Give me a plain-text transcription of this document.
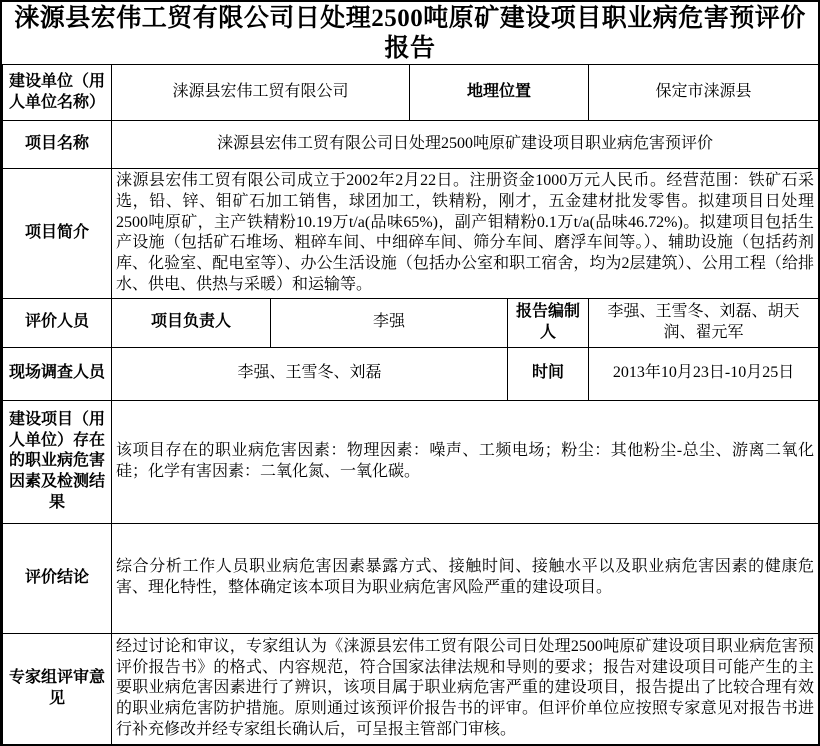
涞源县宏伟工贸有限公司日处理2500吨原矿建设项目职业病危害预评价报告
建设单位（用人单位名称）	涞源县宏伟工贸有限公司		地理位置		保定市涞源县
项目名称	涞源县宏伟工贸有限公司日处理2500吨原矿建设项目职业病危害预评价				
项目简介	涞源县宏伟工贸有限公司成立于2002年2月22日。注册资金1000万元人民币。经营范围：铁矿石采选，铅、锌、钼矿石加工销售，球团加工，铁精粉，刚才，五金建材批发零售。拟建项目日处理2500吨原矿，主产铁精粉10.19万t/a(品味65%)，副产钼精粉0.1万t/a(品味46.72%)。拟建项目包括生产设施（包括矿石堆场、粗碎车间、中细碎车间、筛分车间、磨浮车间等。）、辅助设施（包括药剂库、化验室、配电室等）、办公生活设施（包括办公室和职工宿舍，均为2层建筑）、公用工程（给排水、供电、供热与采暖）和运输等。				
评价人员	项目负责人	李强		报告编制人	李强、王雪冬、刘磊、胡天润、翟元军
现场调查人员	李强、王雪冬、刘磊			时间	2013年10月23日-10月25日
建设项目（用人单位）存在的职业病危害因素及检测结果	该项目存在的职业病危害因素：物理因素：噪声、工频电场；粉尘：其他粉尘-总尘、游离二氧化硅；化学有害因素：二氧化氮、一氧化碳。				
评价结论	综合分析工作人员职业病危害因素暴露方式、接触时间、接触水平以及职业病危害因素的健康危害、理化特性，整体确定该本项目为职业病危害风险严重的建设项目。				
专家组评审意见	经过讨论和审议，专家组认为《涞源县宏伟工贸有限公司日处理2500吨原矿建设项目职业病危害预评价报告书》的格式、内容规范，符合国家法律法规和导则的要求；报告对建设项目可能产生的主要职业病危害因素进行了辨识，该项目属于职业病危害严重的建设项目，报告提出了比较合理有效的职业病危害防护措施。原则通过该预评价报告书的评审。但评价单位应按照专家意见对报告书进行补充修改并经专家组长确认后，可呈报主管部门审核。				
